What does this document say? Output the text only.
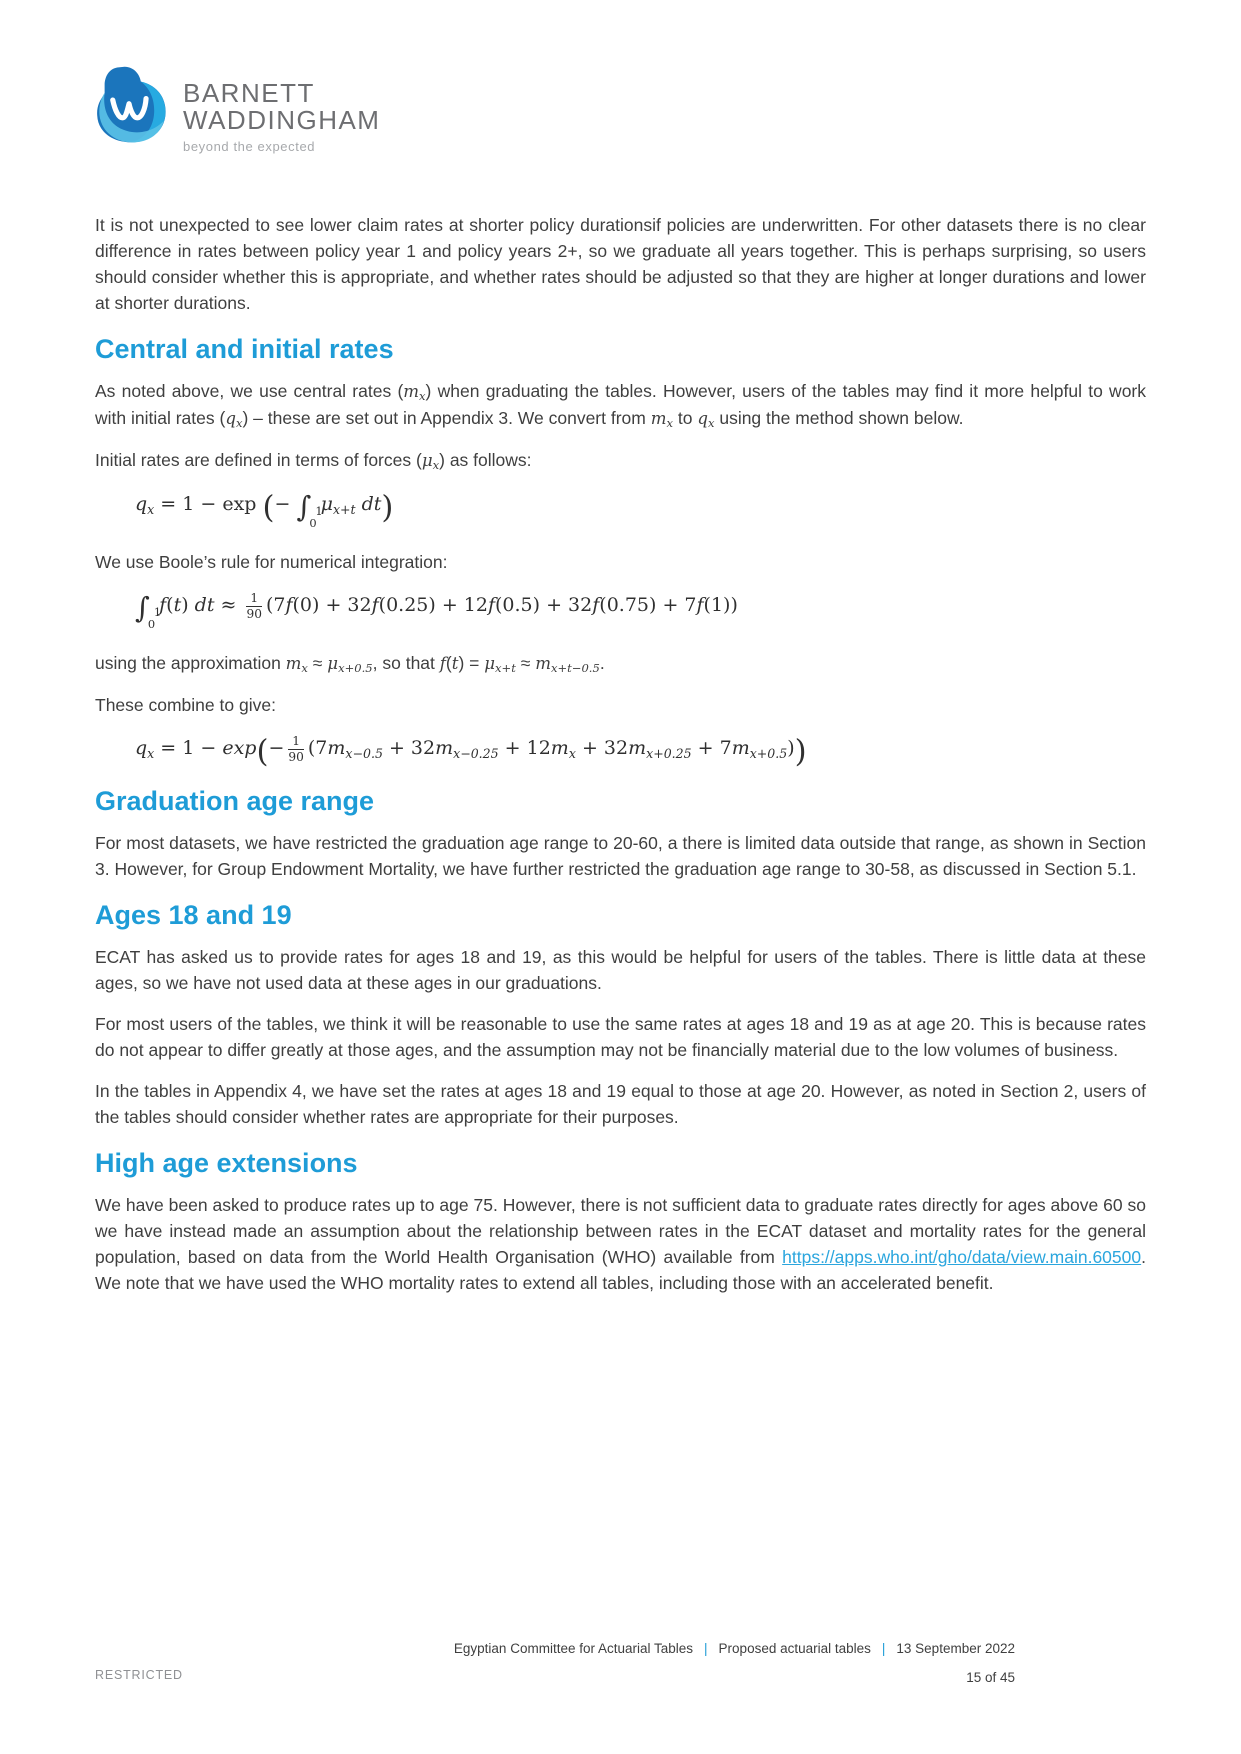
BARNETT
WADDINGHAM
beyond the expected

It is not unexpected to see lower claim rates at shorter policy durationsif policies are underwritten. For other datasets there is no clear difference in rates between policy year 1 and policy years 2+, so we graduate all years together. This is perhaps surprising, so users should consider whether this is appropriate, and whether rates should be adjusted so that they are higher at longer durations and lower at shorter durations.

Central and initial rates

As noted above, we use central rates (mx) when graduating the tables. However, users of the tables may find it more helpful to work with initial rates (qx) – these are set out in Appendix 3. We convert from mx to qx using the method shown below.

Initial rates are defined in terms of forces (μx) as follows:

qx = 1 − exp (− ∫ 1
0
μx+t dt)

We use Boole’s rule for numerical integration:

∫ 1
0
f(t) dt ≈ $\frac{1}{90} (7f(0) + 32f(0.25) + 12f(0.5) + 32f(0.75) + 7f(1))$

using the approximation mx ≈ μx+0.5, so that f(t) = μx+t ≈ mx+t−0.5.

These combine to give:

qx = $1 - \exp(- \frac{1}{90} (7mx-0.5 + 32mx-0.25 + 12mx + 32mx+0.25 + 7mx+0.5))$
Graduation age range

For most datasets, we have restricted the graduation age range to 20-60, a there is limited data outside that range, as shown in Section 3. However, for Group Endowment Mortality, we have further restricted the graduation age range to 30-58, as discussed in Section 5.1.

Ages 18 and 19

ECAT has asked us to provide rates for ages 18 and 19, as this would be helpful for users of the tables. There is little data at these ages, so we have not used data at these ages in our graduations.

For most users of the tables, we think it will be reasonable to use the same rates at ages 18 and 19 as at age 20. This is because rates do not appear to differ greatly at those ages, and the assumption may not be financially material due to the low volumes of business.

In the tables in Appendix 4, we have set the rates at ages 18 and 19 equal to those at age 20. However, as noted in Section 2, users of the tables should consider whether rates are appropriate for their purposes.

High age extensions

We have been asked to produce rates up to age 75. However, there is not sufficient data to graduate rates directly for ages above 60 so we have instead made an assumption about the relationship between rates in the ECAT dataset and mortality rates for the general population, based on data from the World Health Organisation (WHO) available from https://apps.who.int/gho/data/view.main.60500. We note that we have used the WHO mortality rates to extend all tables, including those with an accelerated benefit.

Egyptian Committee for Actuarial Tables | Proposed actuarial tables | 13 September 2022
15 of 45
RESTRICTED
